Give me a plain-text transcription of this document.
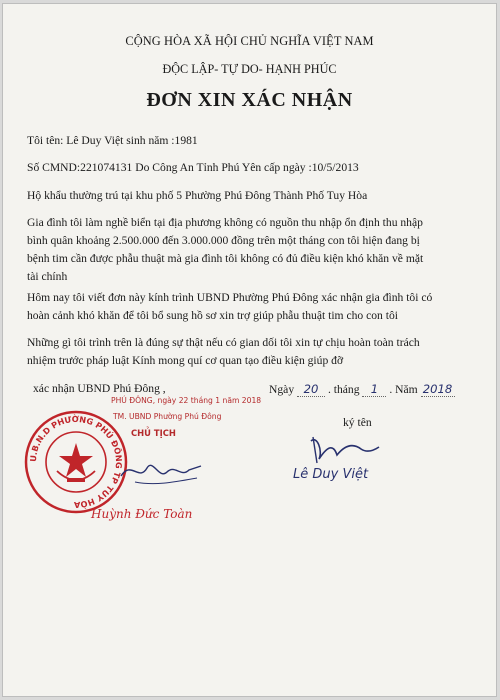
CỘNG HÒA XÃ HỘI CHỦ NGHĨA VIỆT NAM
ĐỘC LẬP- TỰ DO- HẠNH PHÚC
ĐƠN XIN XÁC NHẬN
Tôi tên: Lê Duy Việt sinh năm :1981
Số CMND:221074131 Do Công An Tỉnh Phú Yên cấp ngày :10/5/2013
Hộ khẩu thường trú tại khu phố 5 Phường Phú Đông Thành Phố Tuy Hòa
Gia đình tôi làm nghề biển tại địa phương không có nguồn thu nhập ổn định thu nhập
bình quân khoảng 2.500.000 đến 3.000.000 đồng trên một tháng con tôi hiện đang bị
bệnh tim cần được phẫu thuật mà gia đình tôi không có đủ điều kiện khó khăn về mặt
tài chính
Hôm nay tôi viết đơn này kính trình UBND Phường Phú Đông xác nhận gia đình tôi có
hoàn cảnh khó khăn để tôi bổ sung hồ sơ xin trợ giúp phẫu thuật tim cho con tôi
Những gì tôi trình trên là đúng sự thật nếu có gian dối tôi xin tự chịu hoàn toàn trách
nhiệm trước pháp luật Kính mong quí cơ quan tạo điều kiện giúp đỡ
xác nhận UBND Phú Đông ,	Ngày 20 . tháng 1 . Năm 2018
ký tên
Lê Duy Việt
U.B.N.D PHƯỜNG PHÚ ĐÔNG TP TUY HÒA
PHÚ ĐÔNG, ngày 22 tháng 1 năm 2018
TM. UBND Phường Phú Đông
CHỦ TỊCH
Huỳnh Đức Toàn
